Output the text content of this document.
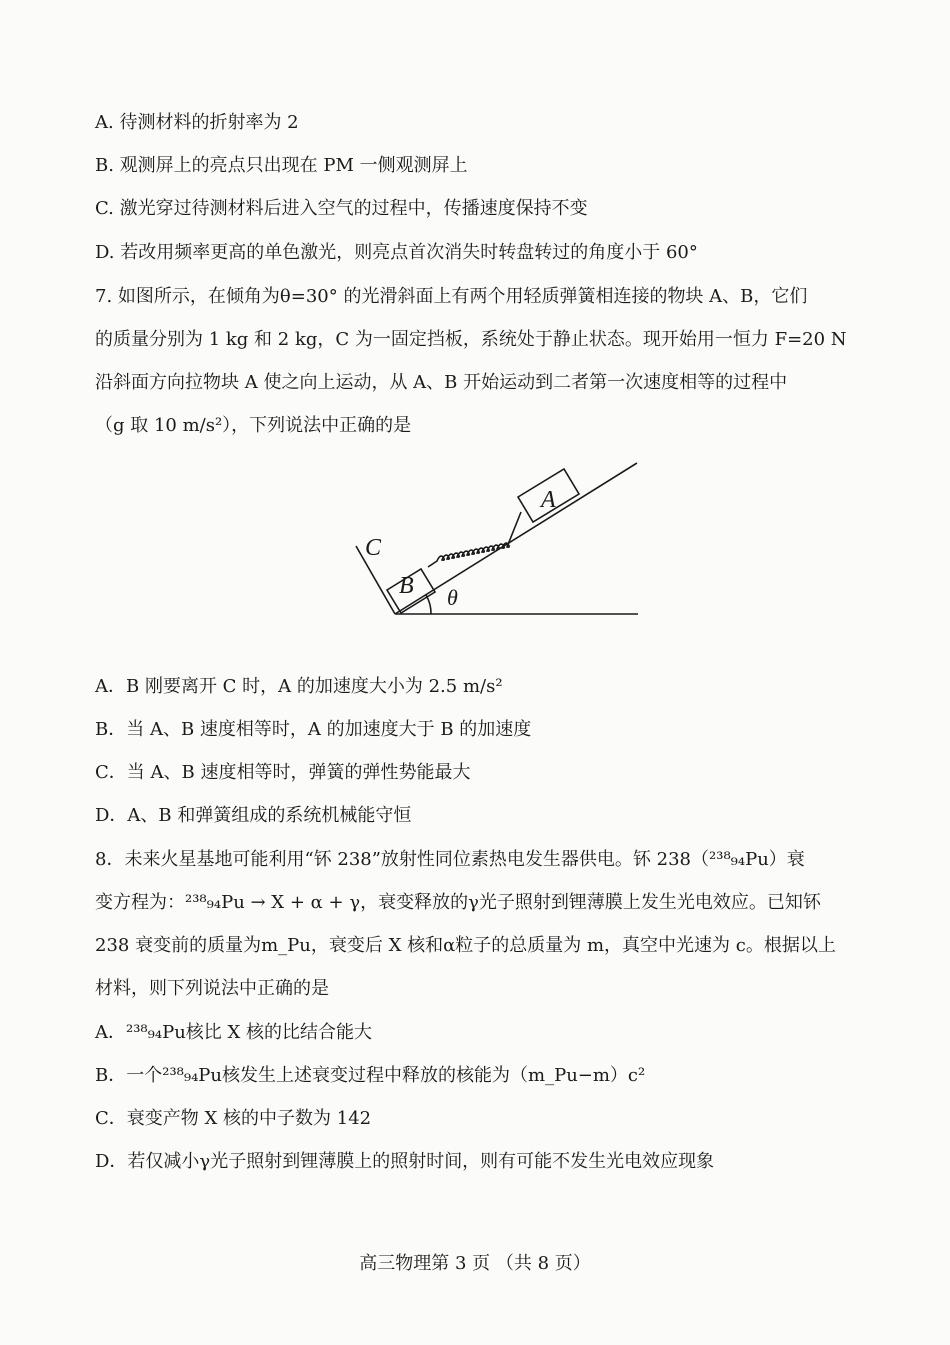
A. 待测材料的折射率为 2
B. 观测屏上的亮点只出现在 PM 一侧观测屏上
C. 激光穿过待测材料后进入空气的过程中，传播速度保持不变
D. 若改用频率更高的单色激光，则亮点首次消失时转盘转过的角度小于 60°
7. 如图所示，在倾角为θ=30° 的光滑斜面上有两个用轻质弹簧相连接的物块 A、B，它们
的质量分别为 1 kg 和 2 kg，C 为一固定挡板，系统处于静止状态。现开始用一恒力 F=20 N
沿斜面方向拉物块 A 使之向上运动，从 A、B 开始运动到二者第一次速度相等的过程中
（g 取 10 m/s²），下列说法中正确的是
A
B
C
θ
A．B 刚要离开 C 时，A 的加速度大小为 2.5 m/s²
B．当 A、B 速度相等时，A 的加速度大于 B 的加速度
C．当 A、B 速度相等时，弹簧的弹性势能最大
D．A、B 和弹簧组成的系统机械能守恒
8．未来火星基地可能利用“钚 238”放射性同位素热电发生器供电。钚 238（²³⁸₉₄Pu）衰
变方程为：²³⁸₉₄Pu → X + α + γ，衰变释放的γ光子照射到锂薄膜上发生光电效应。已知钚
238 衰变前的质量为m_Pu，衰变后 X 核和α粒子的总质量为 m，真空中光速为 c。根据以上
材料，则下列说法中正确的是
A．²³⁸₉₄Pu核比 X 核的比结合能大
B．一个²³⁸₉₄Pu核发生上述衰变过程中释放的核能为（m_Pu−m）c²
C．衰变产物 X 核的中子数为 142
D．若仅减小γ光子照射到锂薄膜上的照射时间，则有可能不发生光电效应现象
高三物理第 3 页 （共 8 页）
